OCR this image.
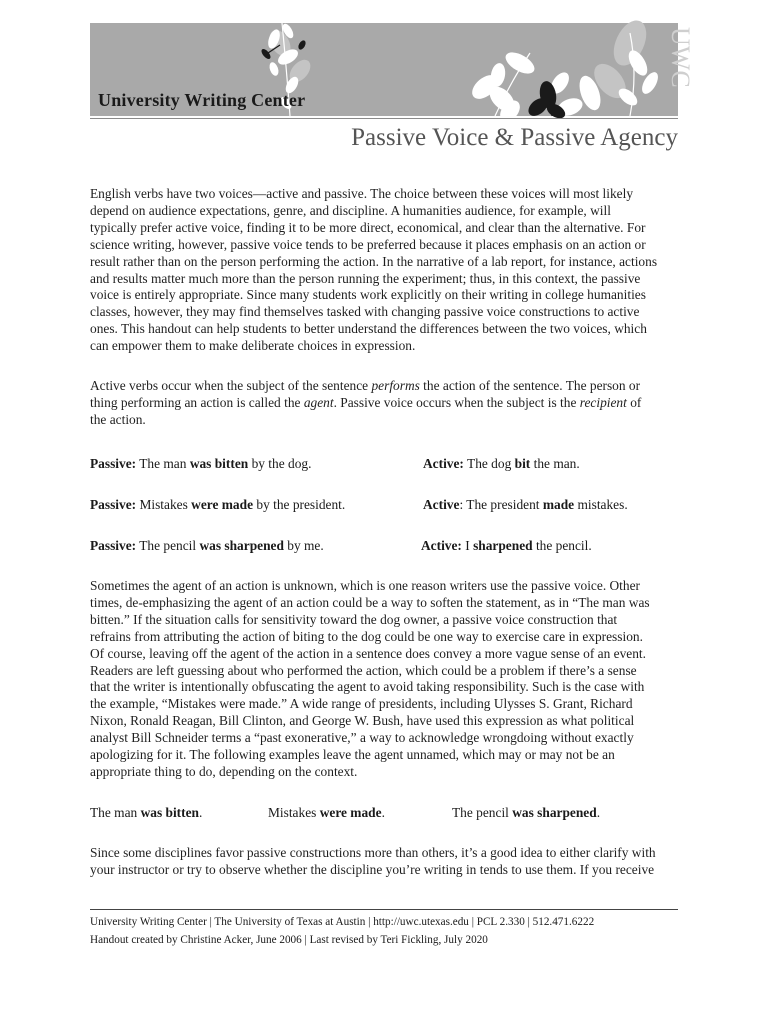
University Writing Center
UWC
Passive Voice & Passive Agency

English verbs have two voices—active and passive. The choice between these voices will most likely
depend on audience expectations, genre, and discipline. A humanities audience, for example, will
typically prefer active voice, finding it to be more direct, economical, and clear than the alternative. For
science writing, however, passive voice tends to be preferred because it places emphasis on an action or
result rather than on the person performing the action. In the narrative of a lab report, for instance, actions
and results matter much more than the person running the experiment; thus, in this context, the passive
voice is entirely appropriate. Since many students work explicitly on their writing in college humanities
classes, however, they may find themselves tasked with changing passive voice constructions to active
ones. This handout can help students to better understand the differences between the two voices, which
can empower them to make deliberate choices in expression.

Active verbs occur when the subject of the sentence performs the action of the sentence. The person or
thing performing an action is called the agent. Passive voice occurs when the subject is the recipient of
the action.

Passive: The man was bitten by the dog.	Active: The dog bit the man.

Passive: Mistakes were made by the president.	Active: The president made mistakes.

Passive: The pencil was sharpened by me.	Active: I sharpened the pencil.

Sometimes the agent of an action is unknown, which is one reason writers use the passive voice. Other
times, de-emphasizing the agent of an action could be a way to soften the statement, as in “The man was
bitten.” If the situation calls for sensitivity toward the dog owner, a passive voice construction that
refrains from attributing the action of biting to the dog could be one way to exercise care in expression.
Of course, leaving off the agent of the action in a sentence does convey a more vague sense of an event.
Readers are left guessing about who performed the action, which could be a problem if there’s a sense
that the writer is intentionally obfuscating the agent to avoid taking responsibility. Such is the case with
the example, “Mistakes were made.” A wide range of presidents, including Ulysses S. Grant, Richard
Nixon, Ronald Reagan, Bill Clinton, and George W. Bush, have used this expression as what political
analyst Bill Schneider terms a “past exonerative,” a way to acknowledge wrongdoing without exactly
apologizing for it. The following examples leave the agent unnamed, which may or may not be an
appropriate thing to do, depending on the context.

The man was bitten.	Mistakes were made.	The pencil was sharpened.

Since some disciplines favor passive constructions more than others, it’s a good idea to either clarify with
your instructor or try to observe whether the discipline you’re writing in tends to use them. If you receive

University Writing Center | The University of Texas at Austin | http://uwc.utexas.edu | PCL 2.330 | 512.471.6222
Handout created by Christine Acker, June 2006 | Last revised by Teri Fickling, July 2020
